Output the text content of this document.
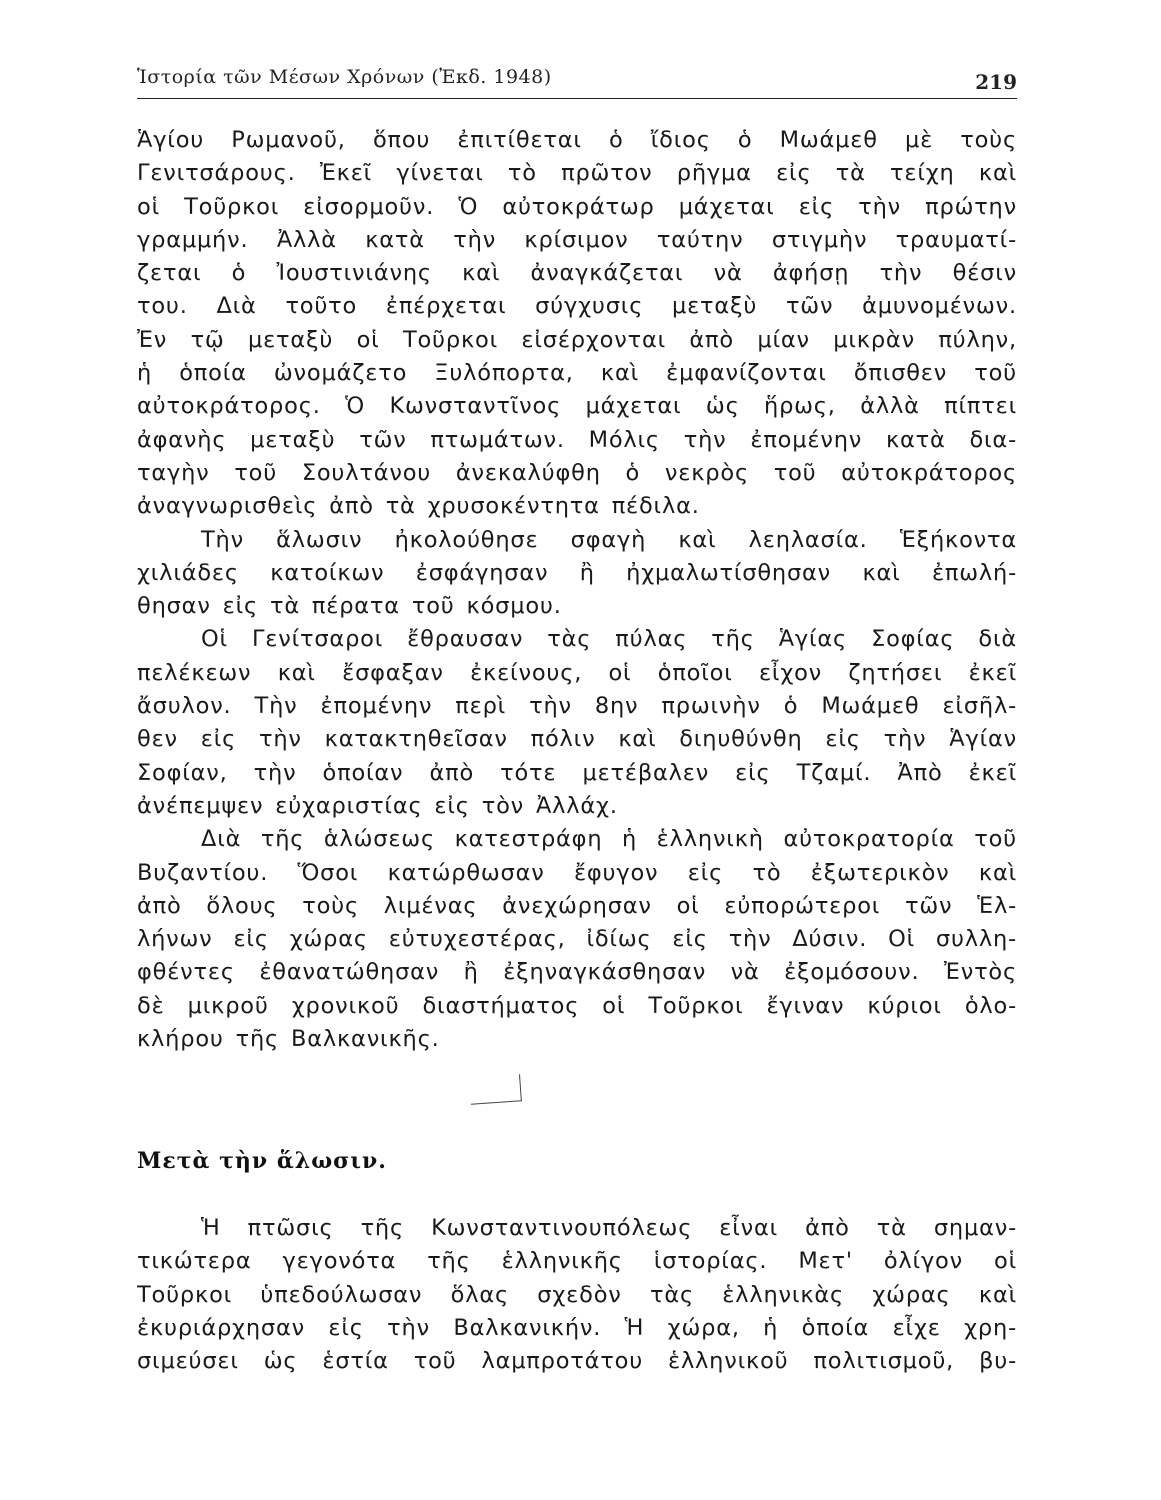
Ἱστορία τῶν Μέσων Χρόνων (Ἐκδ. 1948)	219
Ἁγίου Ρωμανοῦ, ὅπου ἐπιτίθεται ὁ ἴδιος ὁ Μωάμεθ μὲ τοὺς
Γενιτσάρους. Ἐκεῖ γίνεται τὸ πρῶτον ρῆγμα εἰς τὰ τείχη καὶ
οἱ Τοῦρκοι εἰσορμοῦν. Ὁ αὐτοκράτωρ μάχεται εἰς τὴν πρώτην
γραμμήν. Ἀλλὰ κατὰ τὴν κρίσιμον ταύτην στιγμὴν τραυματί-
ζεται ὁ Ἰουστινιάνης καὶ ἀναγκάζεται νὰ ἀφήσῃ τὴν θέσιν
του. Διὰ τοῦτο ἐπέρχεται σύγχυσις μεταξὺ τῶν ἀμυνομένων.
Ἐν τῷ μεταξὺ οἱ Τοῦρκοι εἰσέρχονται ἀπὸ μίαν μικρὰν πύλην,
ἡ ὁποία ὠνομάζετο Ξυλόπορτα, καὶ ἐμφανίζονται ὄπισθεν τοῦ
αὐτοκράτορος. Ὁ Κωνσταντῖνος μάχεται ὡς ἥρως, ἀλλὰ πίπτει
ἀφανὴς μεταξὺ τῶν πτωμάτων. Μόλις τὴν ἐπομένην κατὰ δια-
ταγὴν τοῦ Σουλτάνου ἀνεκαλύφθη ὁ νεκρὸς τοῦ αὐτοκράτορος
ἀναγνωρισθεὶς ἀπὸ τὰ χρυσοκέντητα πέδιλα.
Τὴν ἅλωσιν ἠκολούθησε σφαγὴ καὶ λεηλασία. Ἑξήκοντα
χιλιάδες κατοίκων ἐσφάγησαν ἢ ἠχμαλωτίσθησαν καὶ ἐπωλή-
θησαν εἰς τὰ πέρατα τοῦ κόσμου.
Οἱ Γενίτσαροι ἔθραυσαν τὰς πύλας τῆς Ἁγίας Σοφίας διὰ
πελέκεων καὶ ἔσφαξαν ἐκείνους, οἱ ὁποῖοι εἶχον ζητήσει ἐκεῖ
ἄσυλον. Τὴν ἐπομένην περὶ τὴν 8ην πρωινὴν ὁ Μωάμεθ εἰσῆλ-
θεν εἰς τὴν κατακτηθεῖσαν πόλιν καὶ διηυθύνθη εἰς τὴν Ἁγίαν
Σοφίαν, τὴν ὁποίαν ἀπὸ τότε μετέβαλεν εἰς Τζαμί. Ἀπὸ ἐκεῖ
ἀνέπεμψεν εὐχαριστίας εἰς τὸν Ἀλλάχ.
Διὰ τῆς ἁλώσεως κατεστράφη ἡ ἑλληνικὴ αὐτοκρατορία τοῦ
Βυζαντίου. Ὅσοι κατώρθωσαν ἔφυγον εἰς τὸ ἐξωτερικὸν καὶ
ἀπὸ ὅλους τοὺς λιμένας ἀνεχώρησαν οἱ εὐπορώτεροι τῶν Ἑλ-
λήνων εἰς χώρας εὐτυχεστέρας, ἰδίως εἰς τὴν Δύσιν. Οἱ συλλη-
φθέντες ἐθανατώθησαν ἢ ἐξηναγκάσθησαν νὰ ἐξομόσουν. Ἐντὸς
δὲ μικροῦ χρονικοῦ διαστήματος οἱ Τοῦρκοι ἔγιναν κύριοι ὁλο-
κλήρου τῆς Βαλκανικῆς.
Μετὰ τὴν ἅλωσιν.
Ἡ πτῶσις τῆς Κωνσταντινουπόλεως εἶναι ἀπὸ τὰ σημαν-
τικώτερα γεγονότα τῆς ἑλληνικῆς ἱστορίας. Μετ' ὀλίγον οἱ
Τοῦρκοι ὑπεδούλωσαν ὅλας σχεδὸν τὰς ἑλληνικὰς χώρας καὶ
ἐκυριάρχησαν εἰς τὴν Βαλκανικήν. Ἡ χώρα, ἡ ὁποία εἶχε χρη-
σιμεύσει ὡς ἑστία τοῦ λαμπροτάτου ἑλληνικοῦ πολιτισμοῦ, βυ-
